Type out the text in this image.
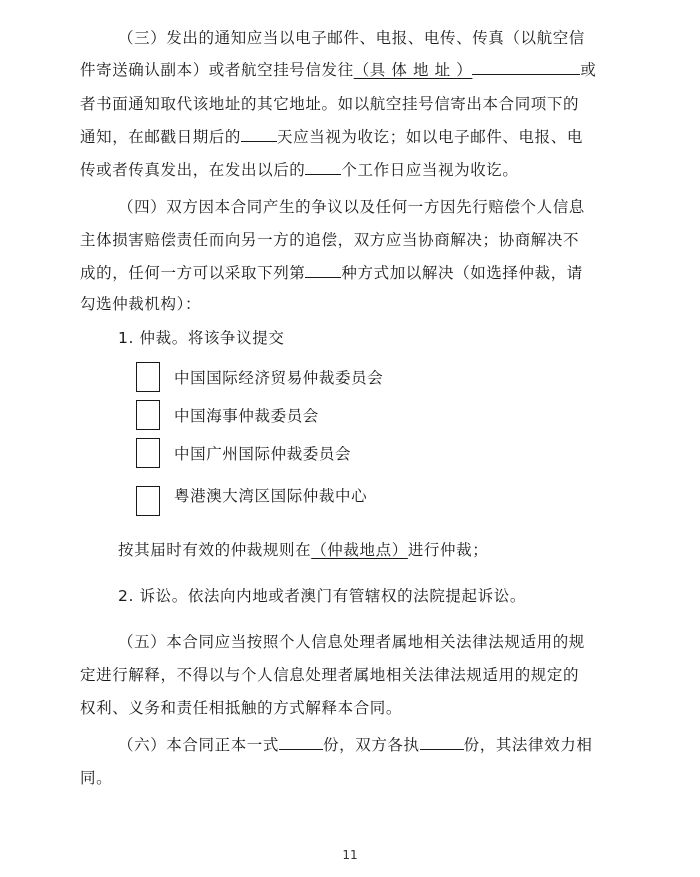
（三）发出的通知应当以电子邮件、电报、电传、传真（以航空信
件寄送确认副本）或者航空挂号信发往（具 体 地 址 ）	或
者书面通知取代该地址的其它地址。如以航空挂号信寄出本合同项下的
通知，在邮戳日期后的 天应当视为收讫；如以电子邮件、电报、电
传或者传真发出，在发出以后的 个工作日应当视为收讫。
（四）双方因本合同产生的争议以及任何一方因先行赔偿个人信息
主体损害赔偿责任而向另一方的追偿，双方应当协商解决；协商解决不
成的，任何一方可以采取下列第 种方式加以解决（如选择仲裁，请
勾选仲裁机构）：
1. 仲裁。将该争议提交
中国国际经济贸易仲裁委员会
中国海事仲裁委员会
中国广州国际仲裁委员会
粤港澳大湾区国际仲裁中心
按其届时有效的仲裁规则在（仲裁地点）进行仲裁；
2. 诉讼。依法向内地或者澳门有管辖权的法院提起诉讼。
（五）本合同应当按照个人信息处理者属地相关法律法规适用的规
定进行解释，不得以与个人信息处理者属地相关法律法规适用的规定的
权利、义务和责任相抵触的方式解释本合同。
（六）本合同正本一式	份，双方各执	份，其法律效力相
同。
11
